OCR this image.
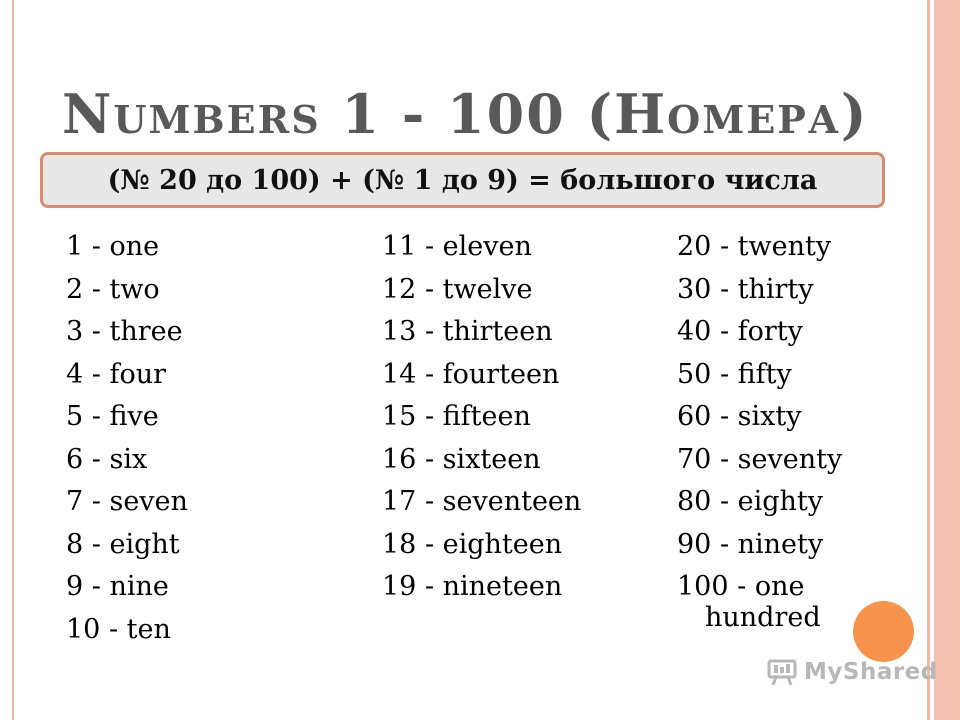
NUMBERS 1 - 100 (НОМЕРА)
(№ 20 до 100) + (№ 1 до 9) = большого числа
1 - one
2 - two
3 - three
4 - four
5 - five
6 - six
7 - seven
8 - eight
9 - nine
10 - ten
11 - eleven
12 - twelve
13 - thirteen
14 - fourteen
15 - fifteen
16 - sixteen
17 - seventeen
18 - eighteen
19 - nineteen
20 - twenty
30 - thirty
40 - forty
50 - fifty
60 - sixty
70 - seventy
80 - eighty
90 - ninety
100 - one
hundred
MyShared
